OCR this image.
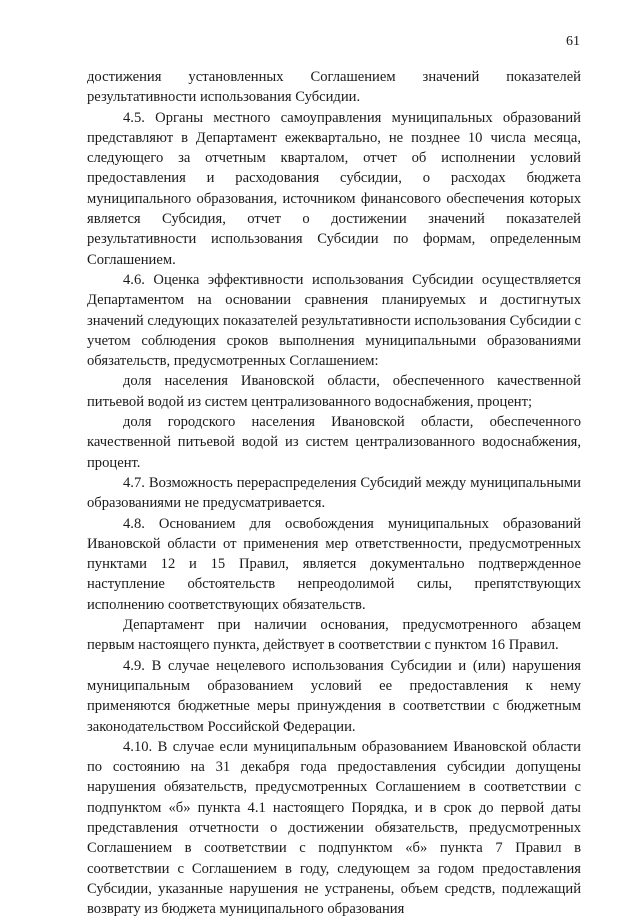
61

достижения установленных Соглашением значений показателей результативности использования Субсидии.

4.5. Органы местного самоуправления муниципальных образований представляют в Департамент ежеквартально, не позднее 10 числа месяца, следующего за отчетным кварталом, отчет об исполнении условий предоставления и расходования субсидии, о расходах бюджета муниципального образования, источником финансового обеспечения которых является Субсидия, отчет о достижении значений показателей результативности использования Субсидии по формам, определенным Соглашением.

4.6. Оценка эффективности использования Субсидии осуществляется Департаментом на основании сравнения планируемых и достигнутых значений следующих показателей результативности использования Субсидии с учетом соблюдения сроков выполнения муниципальными образованиями обязательств, предусмотренных Соглашением:

доля населения Ивановской области, обеспеченного качественной питьевой водой из систем централизованного водоснабжения, процент;

доля городского населения Ивановской области, обеспеченного качественной питьевой водой из систем централизованного водоснабжения, процент.

4.7. Возможность перераспределения Субсидий между муниципальными образованиями не предусматривается.

4.8. Основанием для освобождения муниципальных образований Ивановской области от применения мер ответственности, предусмотренных пунктами 12 и 15 Правил, является документально подтвержденное наступление обстоятельств непреодолимой силы, препятствующих исполнению соответствующих обязательств.

Департамент при наличии основания, предусмотренного абзацем первым настоящего пункта, действует в соответствии с пунктом 16 Правил.

4.9. В случае нецелевого использования Субсидии и (или) нарушения муниципальным образованием условий ее предоставления к нему применяются бюджетные меры принуждения в соответствии с бюджетным законодательством Российской Федерации.

4.10. В случае если муниципальным образованием Ивановской области по состоянию на 31 декабря года предоставления субсидии допущены нарушения обязательств, предусмотренных Соглашением в соответствии с подпунктом «б» пункта 4.1 настоящего Порядка, и в срок до первой даты представления отчетности о достижении обязательств, предусмотренных Соглашением в соответствии с подпунктом «б» пункта 7 Правил в соответствии с Соглашением в году, следующем за годом предоставления Субсидии, указанные нарушения не устранены, объем средств, подлежащий возврату из бюджета муниципального образования
